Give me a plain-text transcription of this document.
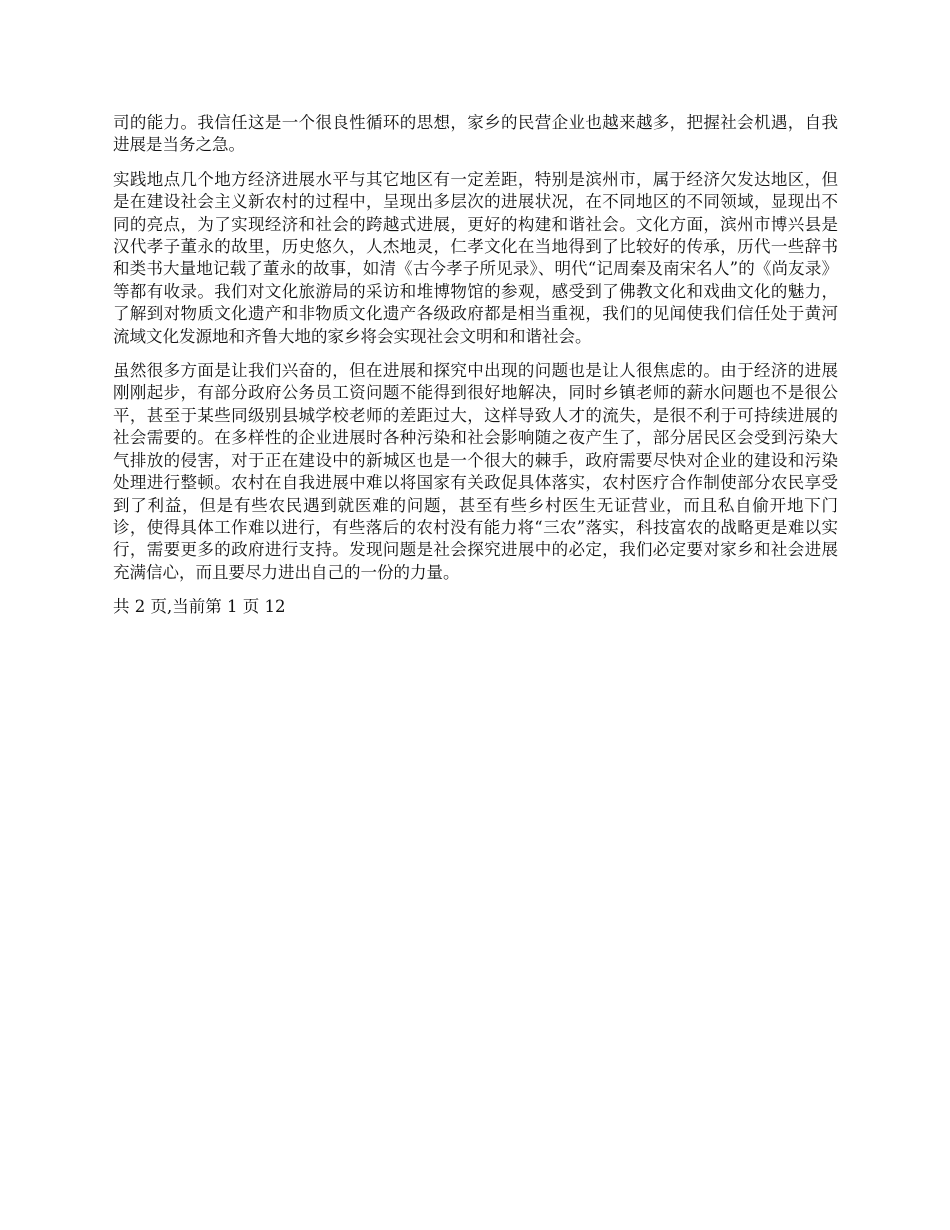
司的能力。我信任这是一个很良性循环的思想，家乡的民营企业也越来越多，把握社会机遇，自我进展是当务之急。

实践地点几个地方经济进展水平与其它地区有一定差距，特别是滨州市，属于经济欠发达地区，但是在建设社会主义新农村的过程中，呈现出多层次的进展状况，在不同地区的不同领域，显现出不同的亮点，为了实现经济和社会的跨越式进展，更好的构建和谐社会。文化方面，滨州市博兴县是汉代孝子董永的故里，历史悠久，人杰地灵，仁孝文化在当地得到了比较好的传承，历代一些辞书和类书大量地记载了董永的故事，如清《古今孝子所见录》、明代“记周秦及南宋名人”的《尚友录》等都有收录。我们对文化旅游局的采访和堆博物馆的参观，感受到了佛教文化和戏曲文化的魅力，了解到对物质文化遗产和非物质文化遗产各级政府都是相当重视，我们的见闻使我们信任处于黄河流域文化发源地和齐鲁大地的家乡将会实现社会文明和和谐社会。

虽然很多方面是让我们兴奋的，但在进展和探究中出现的问题也是让人很焦虑的。由于经济的进展刚刚起步，有部分政府公务员工资问题不能得到很好地解决，同时乡镇老师的薪水问题也不是很公平，甚至于某些同级别县城学校老师的差距过大，这样导致人才的流失，是很不利于可持续进展的社会需要的。在多样性的企业进展时各种污染和社会影响随之夜产生了，部分居民区会受到污染大气排放的侵害，对于正在建设中的新城区也是一个很大的棘手，政府需要尽快对企业的建设和污染处理进行整顿。农村在自我进展中难以将国家有关政促具体落实，农村医疗合作制使部分农民享受到了利益，但是有些农民遇到就医难的问题，甚至有些乡村医生无证营业，而且私自偷开地下门诊，使得具体工作难以进行，有些落后的农村没有能力将“三农”落实，科技富农的战略更是难以实行，需要更多的政府进行支持。发现问题是社会探究进展中的必定，我们必定要对家乡和社会进展充满信心，而且要尽力进出自己的一份的力量。

共 2 页,当前第 1 页 12
